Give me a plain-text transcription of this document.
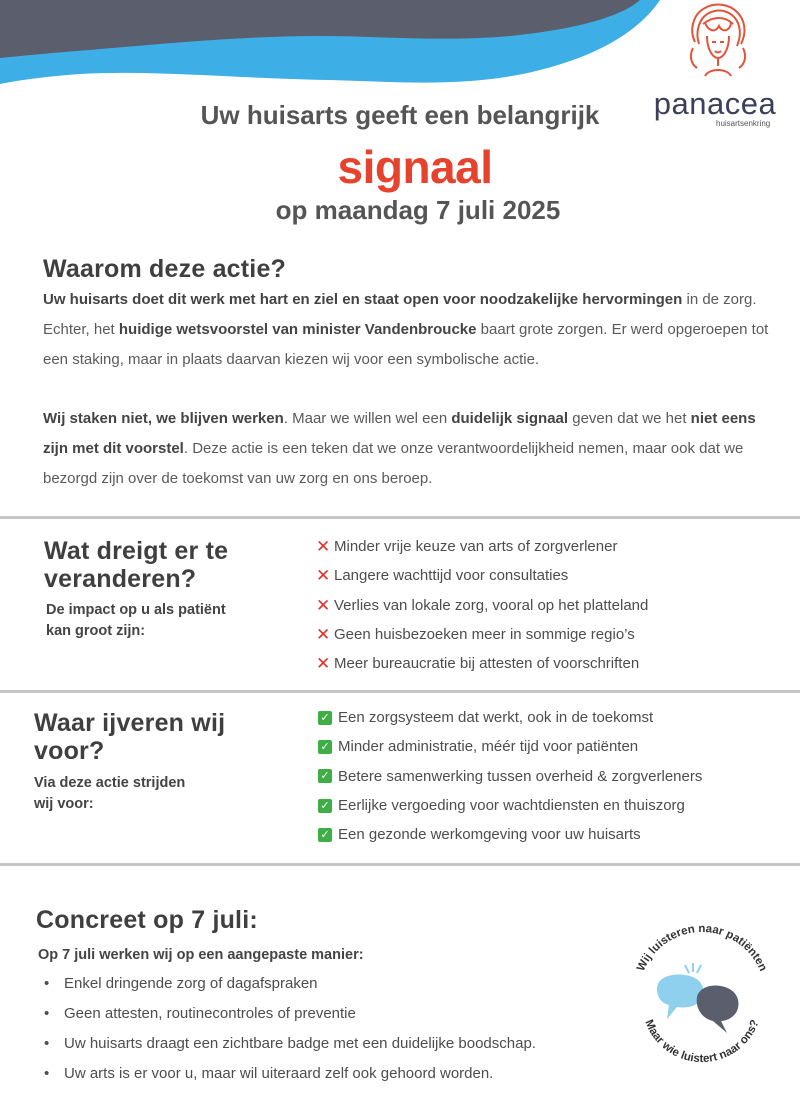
panacea
huisartsenkring
Uw huisarts geeft een belangrijk
signaal
op maandag 7 juli 2025
Waarom deze actie?
Uw huisarts doet dit werk met hart en ziel en staat open voor noodzakelijke hervormingen in de zorg. Echter, het huidige wetsvoorstel van minister Vandenbroucke baart grote zorgen. Er werd opgeroepen tot een staking, maar in plaats daarvan kiezen wij voor een symbolische actie.
Wij staken niet, we blijven werken. Maar we willen wel een duidelijk signaal geven dat we het niet eens zijn met dit voorstel. Deze actie is een teken dat we onze verantwoordelijkheid nemen, maar ook dat we bezorgd zijn over de toekomst van uw zorg en ons beroep.
Wat dreigt er te
veranderen?
De impact op u als patiënt
kan groot zijn:
✕ Minder vrije keuze van arts of zorgverlener
✕ Langere wachttijd voor consultaties
✕ Verlies van lokale zorg, vooral op het platteland
✕ Geen huisbezoeken meer in sommige regio’s
✕ Meer bureaucratie bij attesten of voorschriften
Waar ijveren wij
voor?
Via deze actie strijden
wij voor:
✓ Een zorgsysteem dat werkt, ook in de toekomst
✓ Minder administratie, méér tijd voor patiënten
✓ Betere samenwerking tussen overheid & zorgverleners
✓ Eerlijke vergoeding voor wachtdiensten en thuiszorg
✓ Een gezonde werkomgeving voor uw huisarts
Concreet op 7 juli:
Op 7 juli werken wij op een aangepaste manier:
• Enkel dringende zorg of dagafspraken
• Geen attesten, routinecontroles of preventie
• Uw huisarts draagt een zichtbare badge met een duidelijke boodschap.
• Uw arts is er voor u, maar wil uiteraard zelf ook gehoord worden.
Wij luisteren naar patiënten
Maar wie luistert naar ons?
